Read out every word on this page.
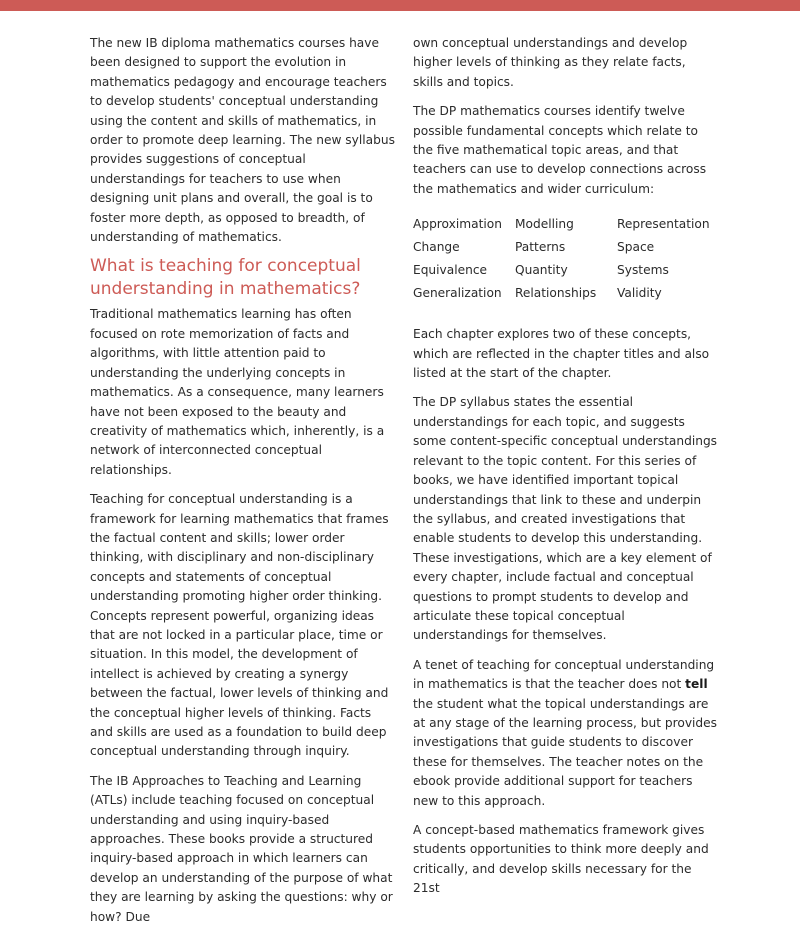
The new IB diploma mathematics courses have been designed to support the evolution in mathematics pedagogy and encourage teachers to develop students' conceptual understanding using the content and skills of mathematics, in order to promote deep learning. The new syllabus provides suggestions of conceptual understandings for teachers to use when designing unit plans and overall, the goal is to foster more depth, as opposed to breadth, of understanding of mathematics.

What is teaching for conceptual understanding in mathematics?

Traditional mathematics learning has often focused on rote memorization of facts and algorithms, with little attention paid to understanding the underlying concepts in mathematics. As a consequence, many learners have not been exposed to the beauty and creativity of mathematics which, inherently, is a network of interconnected conceptual relationships.

Teaching for conceptual understanding is a framework for learning mathematics that frames the factual content and skills; lower order thinking, with disciplinary and non-disciplinary concepts and statements of conceptual understanding promoting higher order thinking. Concepts represent powerful, organizing ideas that are not locked in a particular place, time or situation. In this model, the development of intellect is achieved by creating a synergy between the factual, lower levels of thinking and the conceptual higher levels of thinking. Facts and skills are used as a foundation to build deep conceptual understanding through inquiry.

The IB Approaches to Teaching and Learning (ATLs) include teaching focused on conceptual understanding and using inquiry-based approaches. These books provide a structured inquiry-based approach in which learners can develop an understanding of the purpose of what they are learning by asking the questions: why or how? Due

own conceptual understandings and develop higher levels of thinking as they relate facts, skills and topics.

The DP mathematics courses identify twelve possible fundamental concepts which relate to the five mathematical topic areas, and that teachers can use to develop connections across the mathematics and wider curriculum:

Approximation	Modelling	Representation
Change	Patterns	Space
Equivalence	Quantity	Systems
Generalization	Relationships	Validity

Each chapter explores two of these concepts, which are reflected in the chapter titles and also listed at the start of the chapter.

The DP syllabus states the essential understandings for each topic, and suggests some content-specific conceptual understandings relevant to the topic content. For this series of books, we have identified important topical understandings that link to these and underpin the syllabus, and created investigations that enable students to develop this understanding. These investigations, which are a key element of every chapter, include factual and conceptual questions to prompt students to develop and articulate these topical conceptual understandings for themselves.

A tenet of teaching for conceptual understanding in mathematics is that the teacher does not tell the student what the topical understandings are at any stage of the learning process, but provides investigations that guide students to discover these for themselves. The teacher notes on the ebook provide additional support for teachers new to this approach.

A concept-based mathematics framework gives students opportunities to think more deeply and critically, and develop skills necessary for the 21st
